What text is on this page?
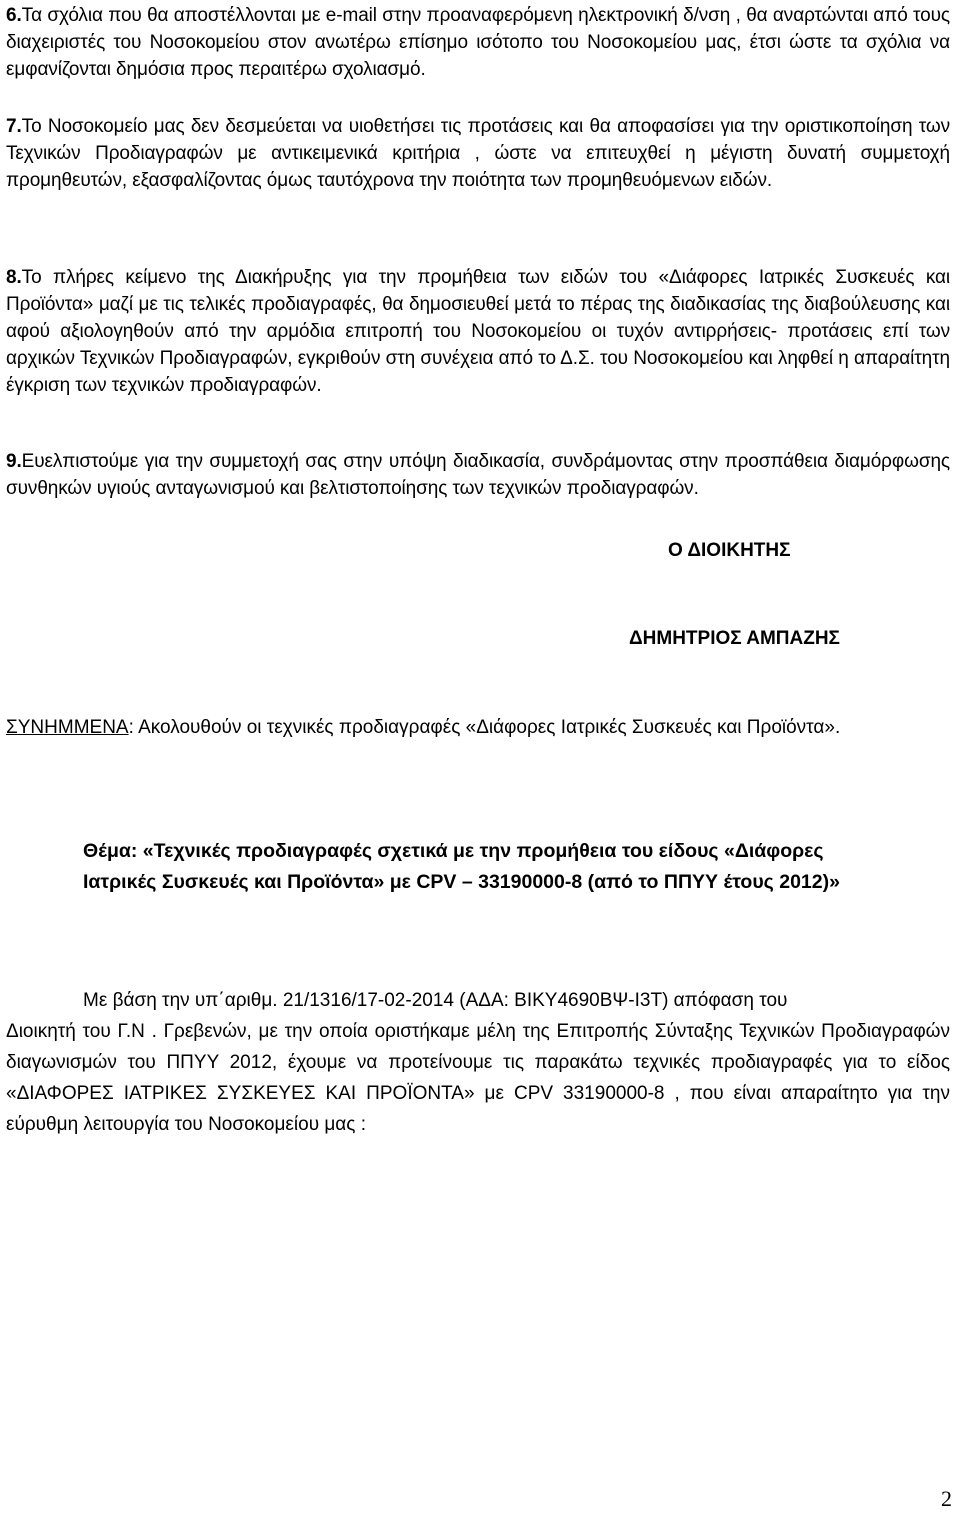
6.Τα σχόλια που θα αποστέλλονται με e-mail στην προαναφερόμενη ηλεκτρονική δ/νση , θα αναρτώνται από τους διαχειριστές του Νοσοκομείου στον ανωτέρω επίσημο ισότοπο του Νοσοκομείου μας, έτσι ώστε τα σχόλια να εμφανίζονται δημόσια προς περαιτέρω σχολιασμό.

7.Το Νοσοκομείο μας δεν δεσμεύεται να υιοθετήσει τις προτάσεις και θα αποφασίσει για την οριστικοποίηση των Τεχνικών Προδιαγραφών με αντικειμενικά κριτήρια , ώστε να επιτευχθεί η μέγιστη δυνατή συμμετοχή προμηθευτών, εξασφαλίζοντας όμως ταυτόχρονα την ποιότητα των προμηθευόμενων ειδών.

8.Το πλήρες κείμενο της Διακήρυξης για την προμήθεια των ειδών του «Διάφορες Ιατρικές Συσκευές και Προϊόντα» μαζί με τις τελικές προδιαγραφές, θα δημοσιευθεί μετά το πέρας της διαδικασίας της διαβούλευσης και αφού αξιολογηθούν από την αρμόδια επιτροπή του Νοσοκομείου οι τυχόν αντιρρήσεις- προτάσεις επί των αρχικών Τεχνικών Προδιαγραφών, εγκριθούν στη συνέχεια από το Δ.Σ. του Νοσοκομείου και ληφθεί η απαραίτητη έγκριση των τεχνικών προδιαγραφών.

9.Ευελπιστούμε για την συμμετοχή σας στην υπόψη διαδικασία, συνδράμοντας στην προσπάθεια διαμόρφωσης συνθηκών υγιούς ανταγωνισμού και βελτιστοποίησης των τεχνικών προδιαγραφών.

Ο ΔΙΟΙΚΗΤΗΣ

ΔΗΜΗΤΡΙΟΣ ΑΜΠΑΖΗΣ

ΣΥΝΗΜΜΕΝΑ: Ακολουθούν οι τεχνικές προδιαγραφές «Διάφορες Ιατρικές Συσκευές και Προϊόντα».

Θέμα: «Τεχνικές προδιαγραφές σχετικά με την προμήθεια του είδους «Διάφορες
Ιατρικές Συσκευές και Προϊόντα» με CPV – 33190000-8 (από το ΠΠΥΥ έτους 2012)»
Με βάση την υπ΄αριθμ. 21/1316/17-02-2014 (ΑΔΑ: ΒΙΚΥ4690ΒΨ-Ι3Τ) απόφαση του
Διοικητή του Γ.Ν . Γρεβενών, με την οποία οριστήκαμε μέλη της Επιτροπής Σύνταξης Τεχνικών Προδιαγραφών διαγωνισμών του ΠΠΥΥ 2012, έχουμε να προτείνουμε τις παρακάτω τεχνικές προδιαγραφές για το είδος «ΔΙΑΦΟΡΕΣ ΙΑΤΡΙΚΕΣ ΣΥΣΚΕΥΕΣ ΚΑΙ ΠΡΟΪΟΝΤΑ» με CPV 33190000-8 , που είναι απαραίτητο για την εύρυθμη λειτουργία του Νοσοκομείου μας :

2
